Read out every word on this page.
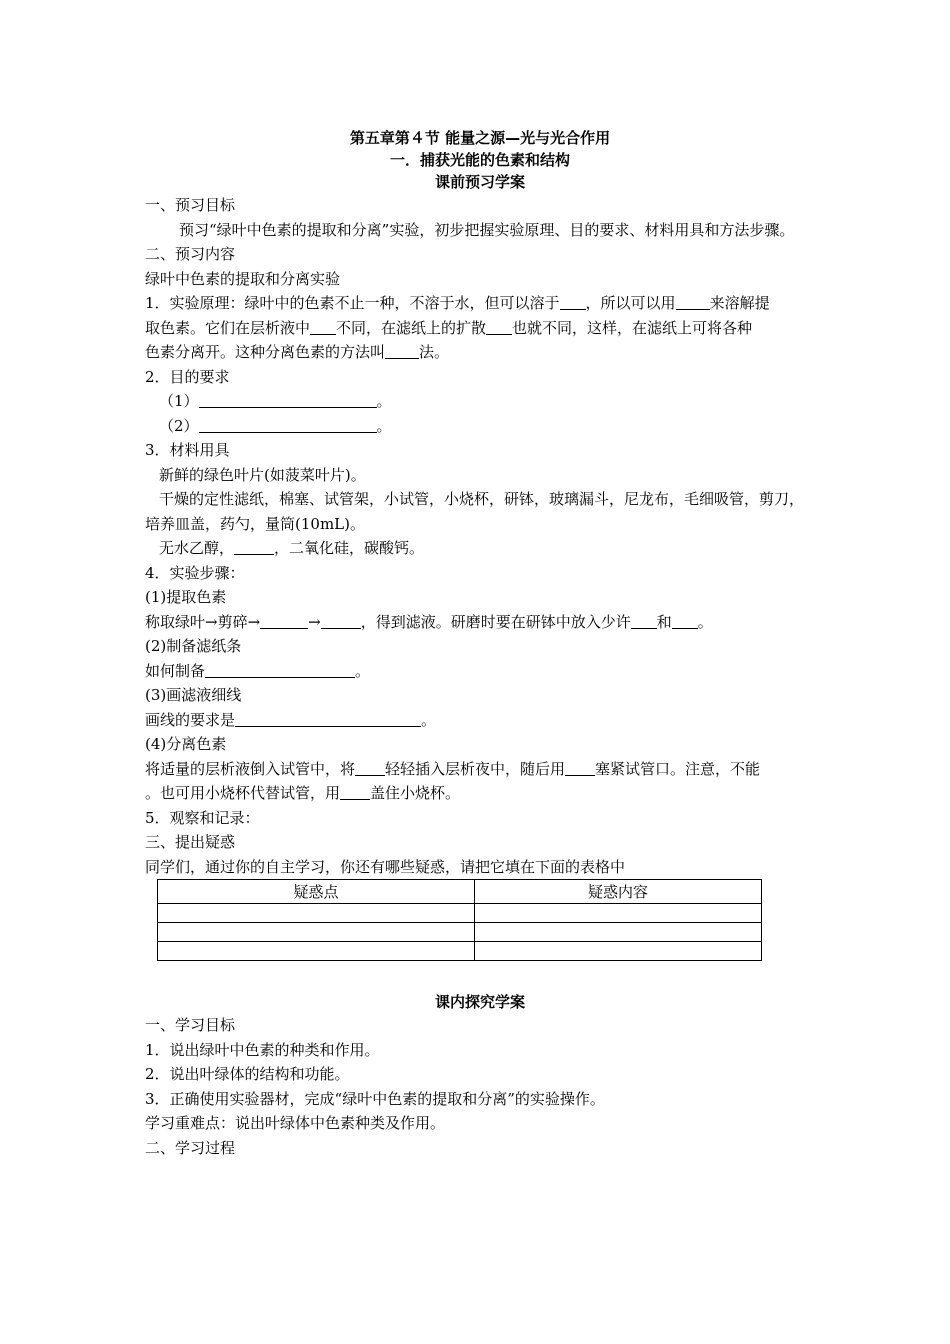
第五章第４节 能量之源—光与光合作用
一．捕获光能的色素和结构
课前预习学案
一、预习目标
预习“绿叶中色素的提取和分离”实验，初步把握实验原理、目的要求、材料用具和方法步骤。
二、预习内容
绿叶中色素的提取和分离实验
1．实验原理：绿叶中的色素不止一种，不溶于水，但可以溶于 ，所以可以用 来溶解提
取色素。它们在层析液中 不同，在滤纸上的扩散 也就不同，这样，在滤纸上可将各种
色素分离开。这种分离色素的方法叫 法。
2．目的要求
（1）	。
（2）	。
3．材料用具
新鲜的绿色叶片(如菠菜叶片)。
干燥的定性滤纸，棉塞、试管架，小试管，小烧杯，研钵，玻璃漏斗，尼龙布，毛细吸管，剪刀，培养皿盖，药勺，量筒(10mL)。
无水乙醇，	，二氧化硅，碳酸钙。
4．实验步骤：
(1)提取色素
称取绿叶→剪碎→	→	，得到滤液。研磨时要在研钵中放入少许 和 。
(2)制备滤纸条
如何制备	。
(3)画滤液细线
画线的要求是	。
(4)分离色素
将适量的层析液倒入试管中，将 轻轻插入层析夜中，随后用 塞紧试管口。注意，不能
。也可用小烧杯代替试管，用 盖住小烧杯。
5．观察和记录：
三、提出疑惑
同学们，通过你的自主学习，你还有哪些疑惑，请把它填在下面的表格中
疑惑点	疑惑内容

课内探究学案
一、学习目标
1．说出绿叶中色素的种类和作用。
2．说出叶绿体的结构和功能。
3．正确使用实验器材，完成“绿叶中色素的提取和分离”的实验操作。
学习重难点：说出叶绿体中色素种类及作用。
二、学习过程
